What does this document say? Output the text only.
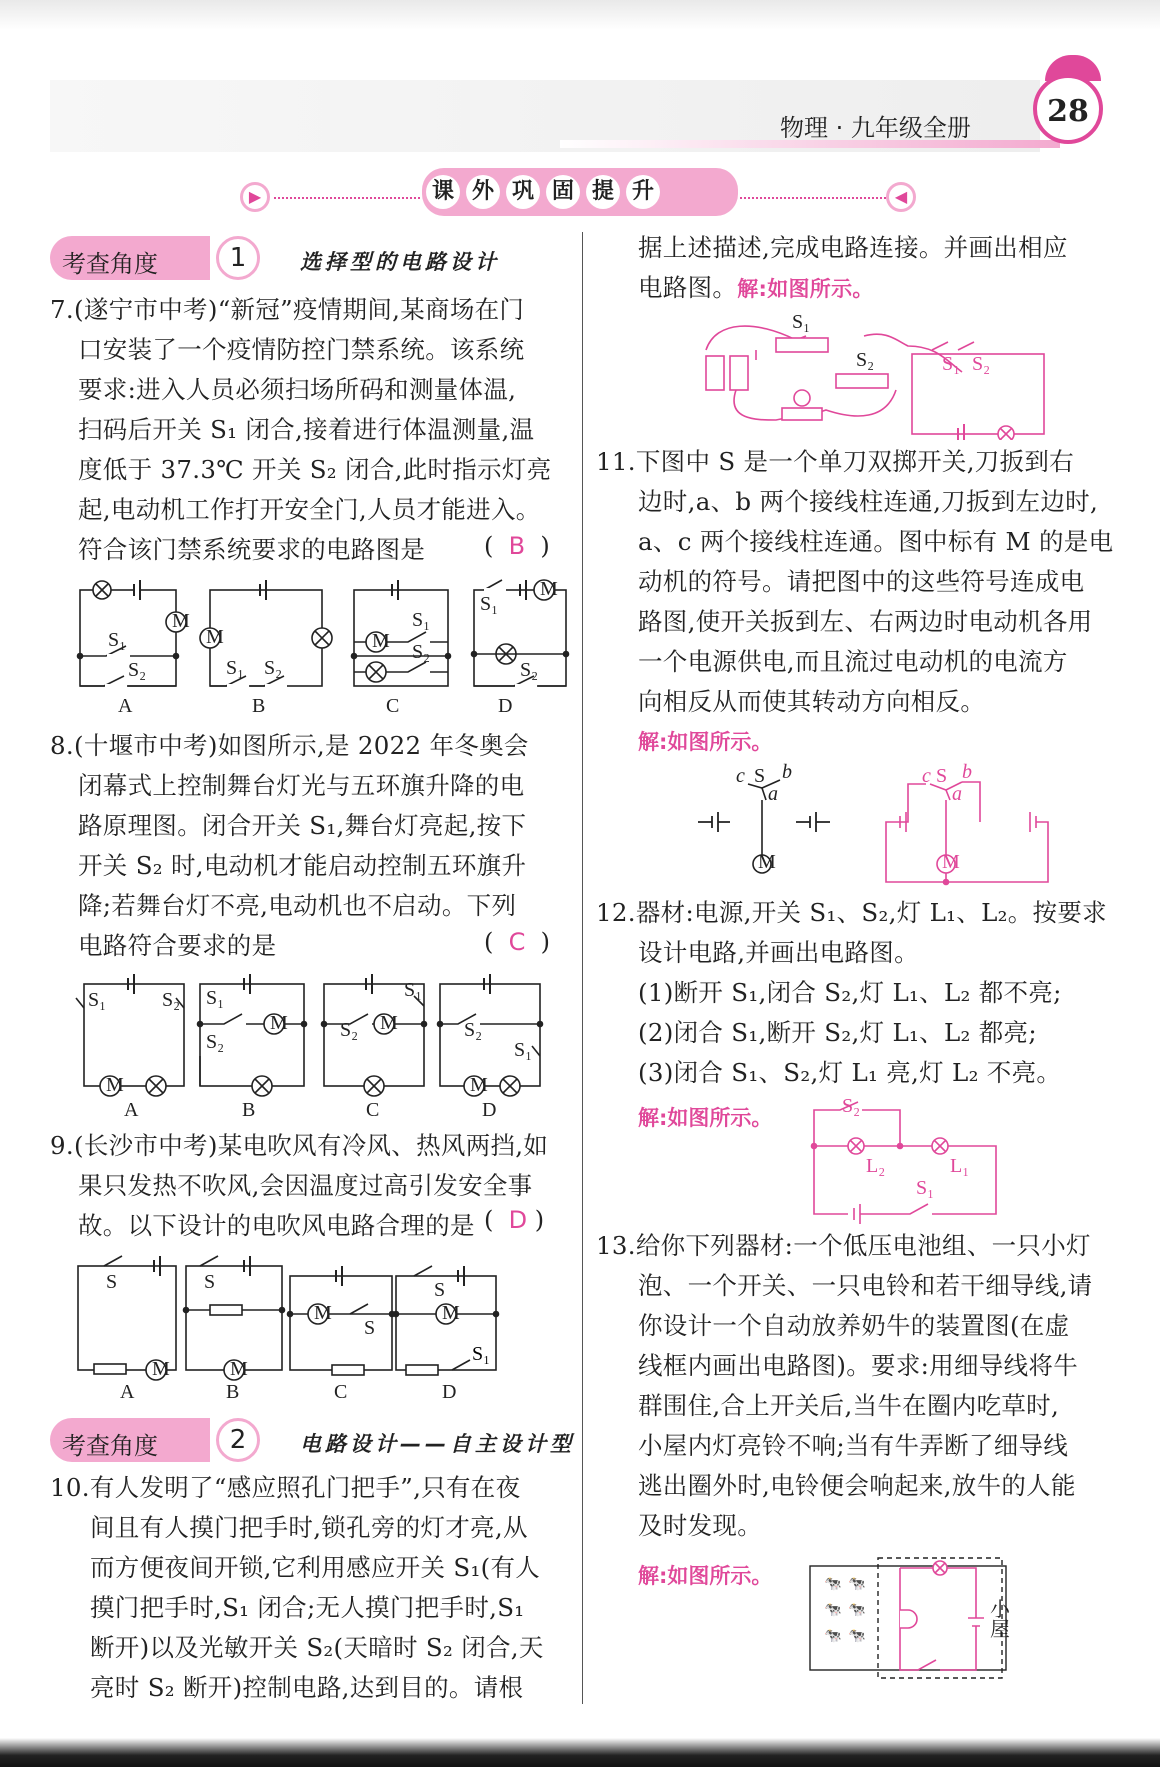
物理 · 九年级全册	28
▶	◀
课 外 巩 固 提 升
考查角度	1	选择型的电路设计
7.(遂宁市中考)“新冠”疫情期间,某商场在门
口安装了一个疫情防控门禁系统。该系统
要求:进入人员必须扫场所码和测量体温,
扫码后开关 S₁ 闭合,接着进行体温测量,温
度低于 37.3℃ 开关 S₂ 闭合,此时指示灯亮
起,电动机工作打开安全门,人员才能进入。
符合该门禁系统要求的电路图是	(  B  )
M
M	M
M
S₁
S₂	S₁ S₂
S₁
S₂
S₁
S₂
A	B	C	D
8.(十堰市中考)如图所示,是 2022 年冬奥会
闭幕式上控制舞台灯光与五环旗升降的电
路原理图。闭合开关 S₁,舞台灯亮起,按下
开关 S₂ 时,电动机才能启动控制五环旗升
降;若舞台灯不亮,电动机也不启动。下列
电路符合要求的是	(  C  )
M
M	M
M
S₁	S₂ S₁
S₂
S₂
S₁
S₂
S₁
A	B	C	D
9.(长沙市中考)某电吹风有冷风、热风两挡,如
果只发热不吹风,会因温度过高引发安全事
故。以下设计的电吹风电路合理的是 (  D )
M	M
M	M
S	S
S
S
S₁
A	B	C	D
考查角度	2	电路设计——自主设计型
10.有人发明了“感应照孔门把手”,只有在夜
间且有人摸门把手时,锁孔旁的灯才亮,从
而方便夜间开锁,它利用感应开关 S₁(有人
摸门把手时,S₁ 闭合;无人摸门把手时,S₁
断开)以及光敏开关 S₂(天暗时 S₂ 闭合,天
亮时 S₂ 断开)控制电路,达到目的。请根
据上述描述,完成电路连接。并画出相应
电路图。解:如图所示。
S₁
S₂	S₁ S₂
11.下图中 S 是一个单刀双掷开关,刀扳到右
边时,a、b 两个接线柱连通,刀扳到左边时,
a、c 两个接线柱连通。图中标有 M 的是电
动机的符号。请把图中的这些符号连成电
路图,使开关扳到左、右两边时电动机各用
一个电源供电,而且流过电动机的电流方
向相反从而使其转动方向相反。
解:如图所示。
c b
a
c b
a
S	S
M	M
12.器材:电源,开关 S₁、S₂,灯 L₁、L₂。按要求
设计电路,并画出电路图。
(1)断开 S₁,闭合 S₂,灯 L₁、L₂ 都不亮;
(2)闭合 S₁,断开 S₂,灯 L₁、L₂ 都亮;
(3)闭合 S₁、S₂,灯 L₁ 亮,灯 L₂ 不亮。
解:如图所示。	S₂
L₂	L₁
S₁
13.给你下列器材:一个低压电池组、一只小灯
泡、一个开关、一只电铃和若干细导线,请
你设计一个自动放养奶牛的装置图(在虚
线框内画出电路图)。要求:用细导线将牛
群围住,合上开关后,当牛在圈内吃草时,
小屋内灯亮铃不响;当有牛弄断了细导线
逃出圈外时,电铃便会响起来,放牛的人能
及时发现。
解:如图所示。	🐄 🐄
🐄 🐄
🐄 🐄
小
屋
